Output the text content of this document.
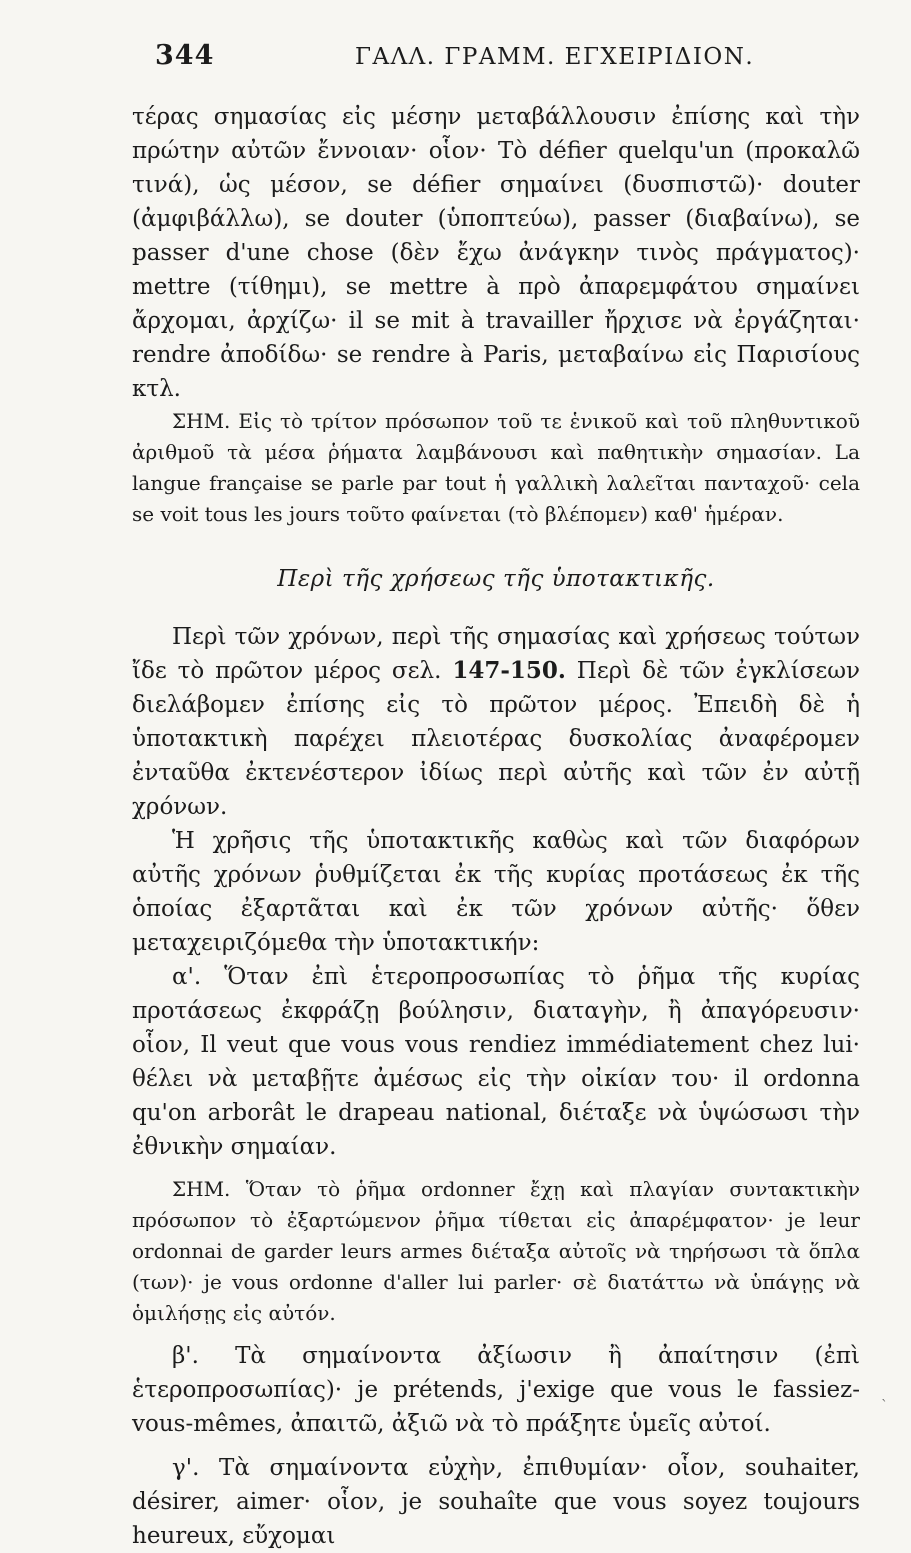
344	ΓΑΛΛ. ΓΡΑΜΜ. ΕΓΧΕΙΡΙΔΙΟΝ.

τέρας σημασίας εἰς μέσην μεταβάλλουσιν ἐπίσης καὶ τὴν πρώτην αὐτῶν ἔννοιαν· οἷον· Τὸ défier quelqu'un (προκαλῶ τινά), ὡς μέσον, se défier σημαίνει (δυσπιστῶ)· douter (ἀμφιβάλλω), se douter (ὑποπτεύω), passer (διαβαίνω), se passer d'une chose (δὲν ἔχω ἀνάγκην τινὸς πράγματος)· mettre (τίθημι), se mettre à πρὸ ἀπαρεμφάτου σημαίνει ἄρχομαι, ἀρχίζω· il se mit à travailler ἤρχισε νὰ ἐργάζηται· rendre ἀποδίδω· se rendre à Paris, μεταβαίνω εἰς Παρισίους κτλ.

ΣΗΜ. Εἰς τὸ τρίτον πρόσωπον τοῦ τε ἑνικοῦ καὶ τοῦ πληθυντικοῦ ἀριθμοῦ τὰ μέσα ῥήματα λαμβάνουσι καὶ παθητικὴν σημασίαν. La langue française se parle par tout ἡ γαλλικὴ λαλεῖται πανταχοῦ· cela se voit tous les jours τοῦτο φαίνεται (τὸ βλέπομεν) καθ' ἡμέραν.

Περὶ τῆς χρήσεως τῆς ὑποτακτικῆς.

Περὶ τῶν χρόνων, περὶ τῆς σημασίας καὶ χρήσεως τούτων ἴδε τὸ πρῶτον μέρος σελ. 147-150. Περὶ δὲ τῶν ἐγκλίσεων διελάβομεν ἐπίσης εἰς τὸ πρῶτον μέρος. Ἐπειδὴ δὲ ἡ ὑποτακτικὴ παρέχει πλειοτέρας δυσκολίας ἀναφέρομεν ἐνταῦθα ἐκτενέστερον ἰδίως περὶ αὐτῆς καὶ τῶν ἐν αὐτῇ χρόνων.

Ἡ χρῆσις τῆς ὑποτακτικῆς καθὼς καὶ τῶν διαφόρων αὐτῆς χρόνων ῥυθμίζεται ἐκ τῆς κυρίας προτάσεως ἐκ τῆς ὁποίας ἐξαρτᾶται καὶ ἐκ τῶν χρόνων αὐτῆς· ὅθεν μεταχειριζόμεθα τὴν ὑποτακτικήν:

α'. Ὅταν ἐπὶ ἑτεροπροσωπίας τὸ ῥῆμα τῆς κυρίας προτάσεως ἐκφράζῃ βούλησιν, διαταγὴν, ἢ ἀπαγόρευσιν· οἷον, Il veut que vous vous rendiez immédiatement chez lui· θέλει νὰ μεταβῇτε ἀμέσως εἰς τὴν οἰκίαν του· il ordonna qu'on arborât le drapeau national, διέταξε νὰ ὑψώσωσι τὴν ἐθνικὴν σημαίαν.

ΣΗΜ. Ὅταν τὸ ῥῆμα ordonner ἔχῃ καὶ πλαγίαν συντακτικὴν πρόσωπον τὸ ἐξαρτώμενον ῥῆμα τίθεται εἰς ἀπαρέμφατον· je leur ordonnai de garder leurs armes διέταξα αὐτοῖς νὰ τηρήσωσι τὰ ὅπλα (των)· je vous ordonne d'aller lui parler· σὲ διατάττω νὰ ὑπάγῃς νὰ ὁμιλήσῃς εἰς αὐτόν.

β'. Τὰ σημαίνοντα ἀξίωσιν ἢ ἀπαίτησιν (ἐπὶ ἑτεροπροσωπίας)· je prétends, j'exige que vous le fassiez-vous-mêmes, ἀπαιτῶ, ἀξιῶ νὰ τὸ πράξητε ὑμεῖς αὐτοί.

γ'. Τὰ σημαίνοντα εὐχὴν, ἐπιθυμίαν· οἷον, souhaiter, désirer, aimer· οἷον, je souhaîte que vous soyez toujours heureux, εὔχομαι

ˋ
